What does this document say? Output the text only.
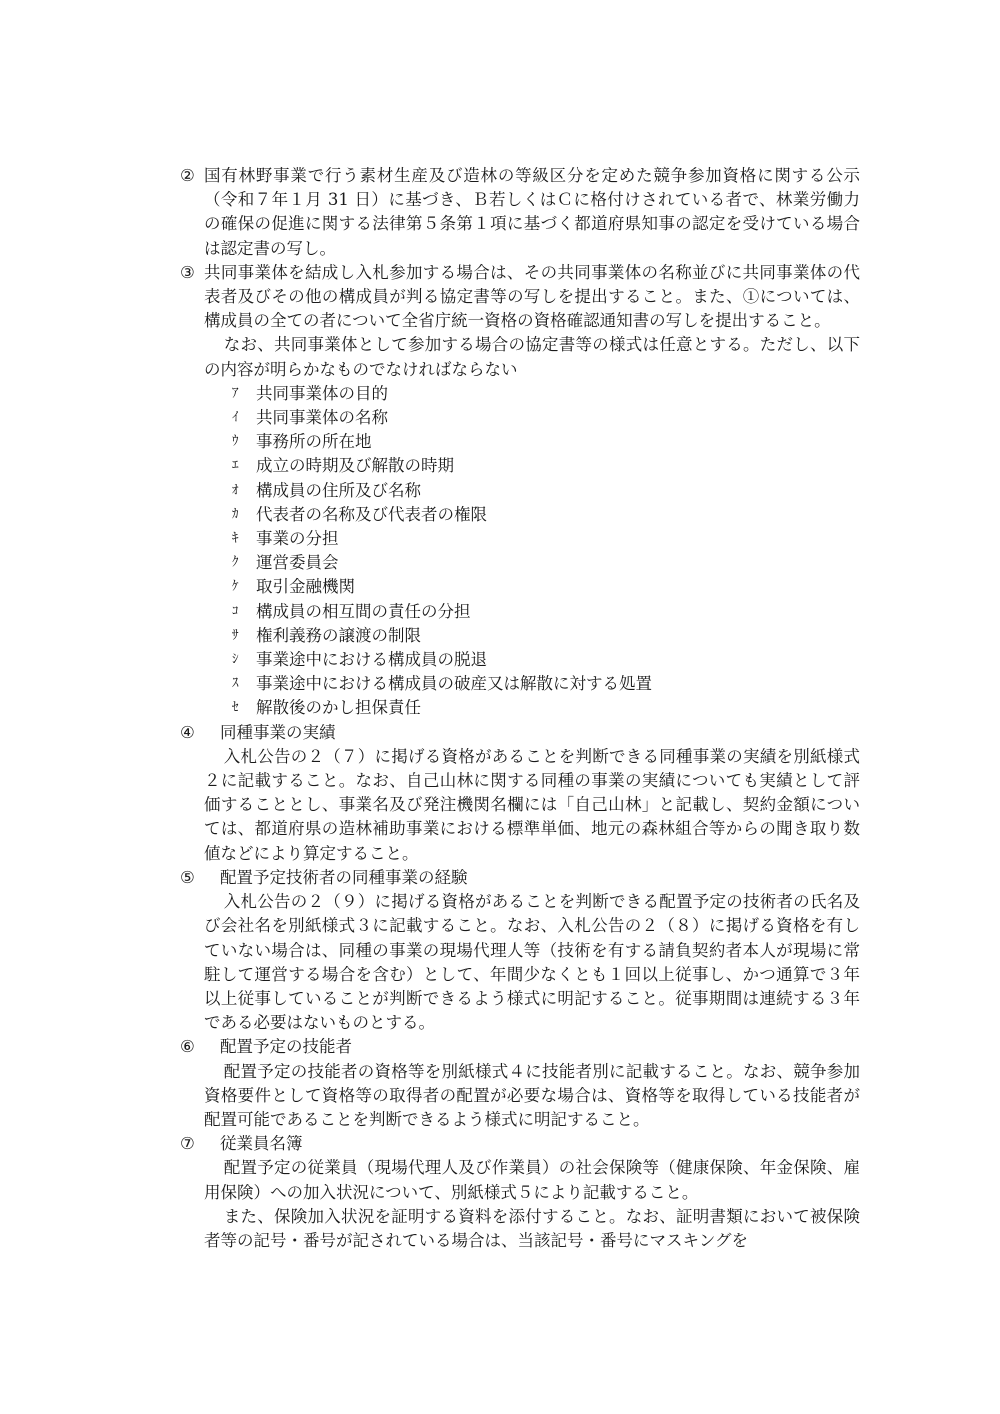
② 国有林野事業で行う素材生産及び造林の等級区分を定めた競争参加資格に関する公示（令和７年１月 31 日）に基づき、Ｂ若しくはＣに格付けされている者で、林業労働力の確保の促進に関する法律第５条第１項に基づく都道府県知事の認定を受けている場合は認定書の写し。
③ 共同事業体を結成し入札参加する場合は、その共同事業体の名称並びに共同事業体の代表者及びその他の構成員が判る協定書等の写しを提出すること。また、①については、構成員の全ての者について全省庁統一資格の資格確認通知書の写しを提出すること。
なお、共同事業体として参加する場合の協定書等の様式は任意とする。ただし、以下の内容が明らかなものでなければならない
ｱ	共同事業体の目的
ｲ	共同事業体の名称
ｳ	事務所の所在地
ｴ	成立の時期及び解散の時期
ｵ	構成員の住所及び名称
ｶ	代表者の名称及び代表者の権限
ｷ	事業の分担
ｸ	運営委員会
ｹ	取引金融機関
ｺ	構成員の相互間の責任の分担
ｻ	権利義務の譲渡の制限
ｼ	事業途中における構成員の脱退
ｽ	事業途中における構成員の破産又は解散に対する処置
ｾ	解散後のかし担保責任
④	同種事業の実績
入札公告の２（７）に掲げる資格があることを判断できる同種事業の実績を別紙様式２に記載すること。なお、自己山林に関する同種の事業の実績についても実績として評価することとし、事業名及び発注機関名欄には「自己山林」と記載し、契約金額については、都道府県の造林補助事業における標準単価、地元の森林組合等からの聞き取り数値などにより算定すること。
⑤	配置予定技術者の同種事業の経験
入札公告の２（９）に掲げる資格があることを判断できる配置予定の技術者の氏名及び会社名を別紙様式３に記載すること。なお、入札公告の２（８）に掲げる資格を有していない場合は、同種の事業の現場代理人等（技術を有する請負契約者本人が現場に常駐して運営する場合を含む）として、年間少なくとも１回以上従事し、かつ通算で３年以上従事していることが判断できるよう様式に明記すること。従事期間は連続する３年である必要はないものとする。
⑥	配置予定の技能者
配置予定の技能者の資格等を別紙様式４に技能者別に記載すること。なお、競争参加資格要件として資格等の取得者の配置が必要な場合は、資格等を取得している技能者が配置可能であることを判断できるよう様式に明記すること。
⑦	従業員名簿
配置予定の従業員（現場代理人及び作業員）の社会保険等（健康保険、年金保険、雇用保険）への加入状況について、別紙様式５により記載すること。
また、保険加入状況を証明する資料を添付すること。なお、証明書類において被保険者等の記号・番号が記されている場合は、当該記号・番号にマスキングを
